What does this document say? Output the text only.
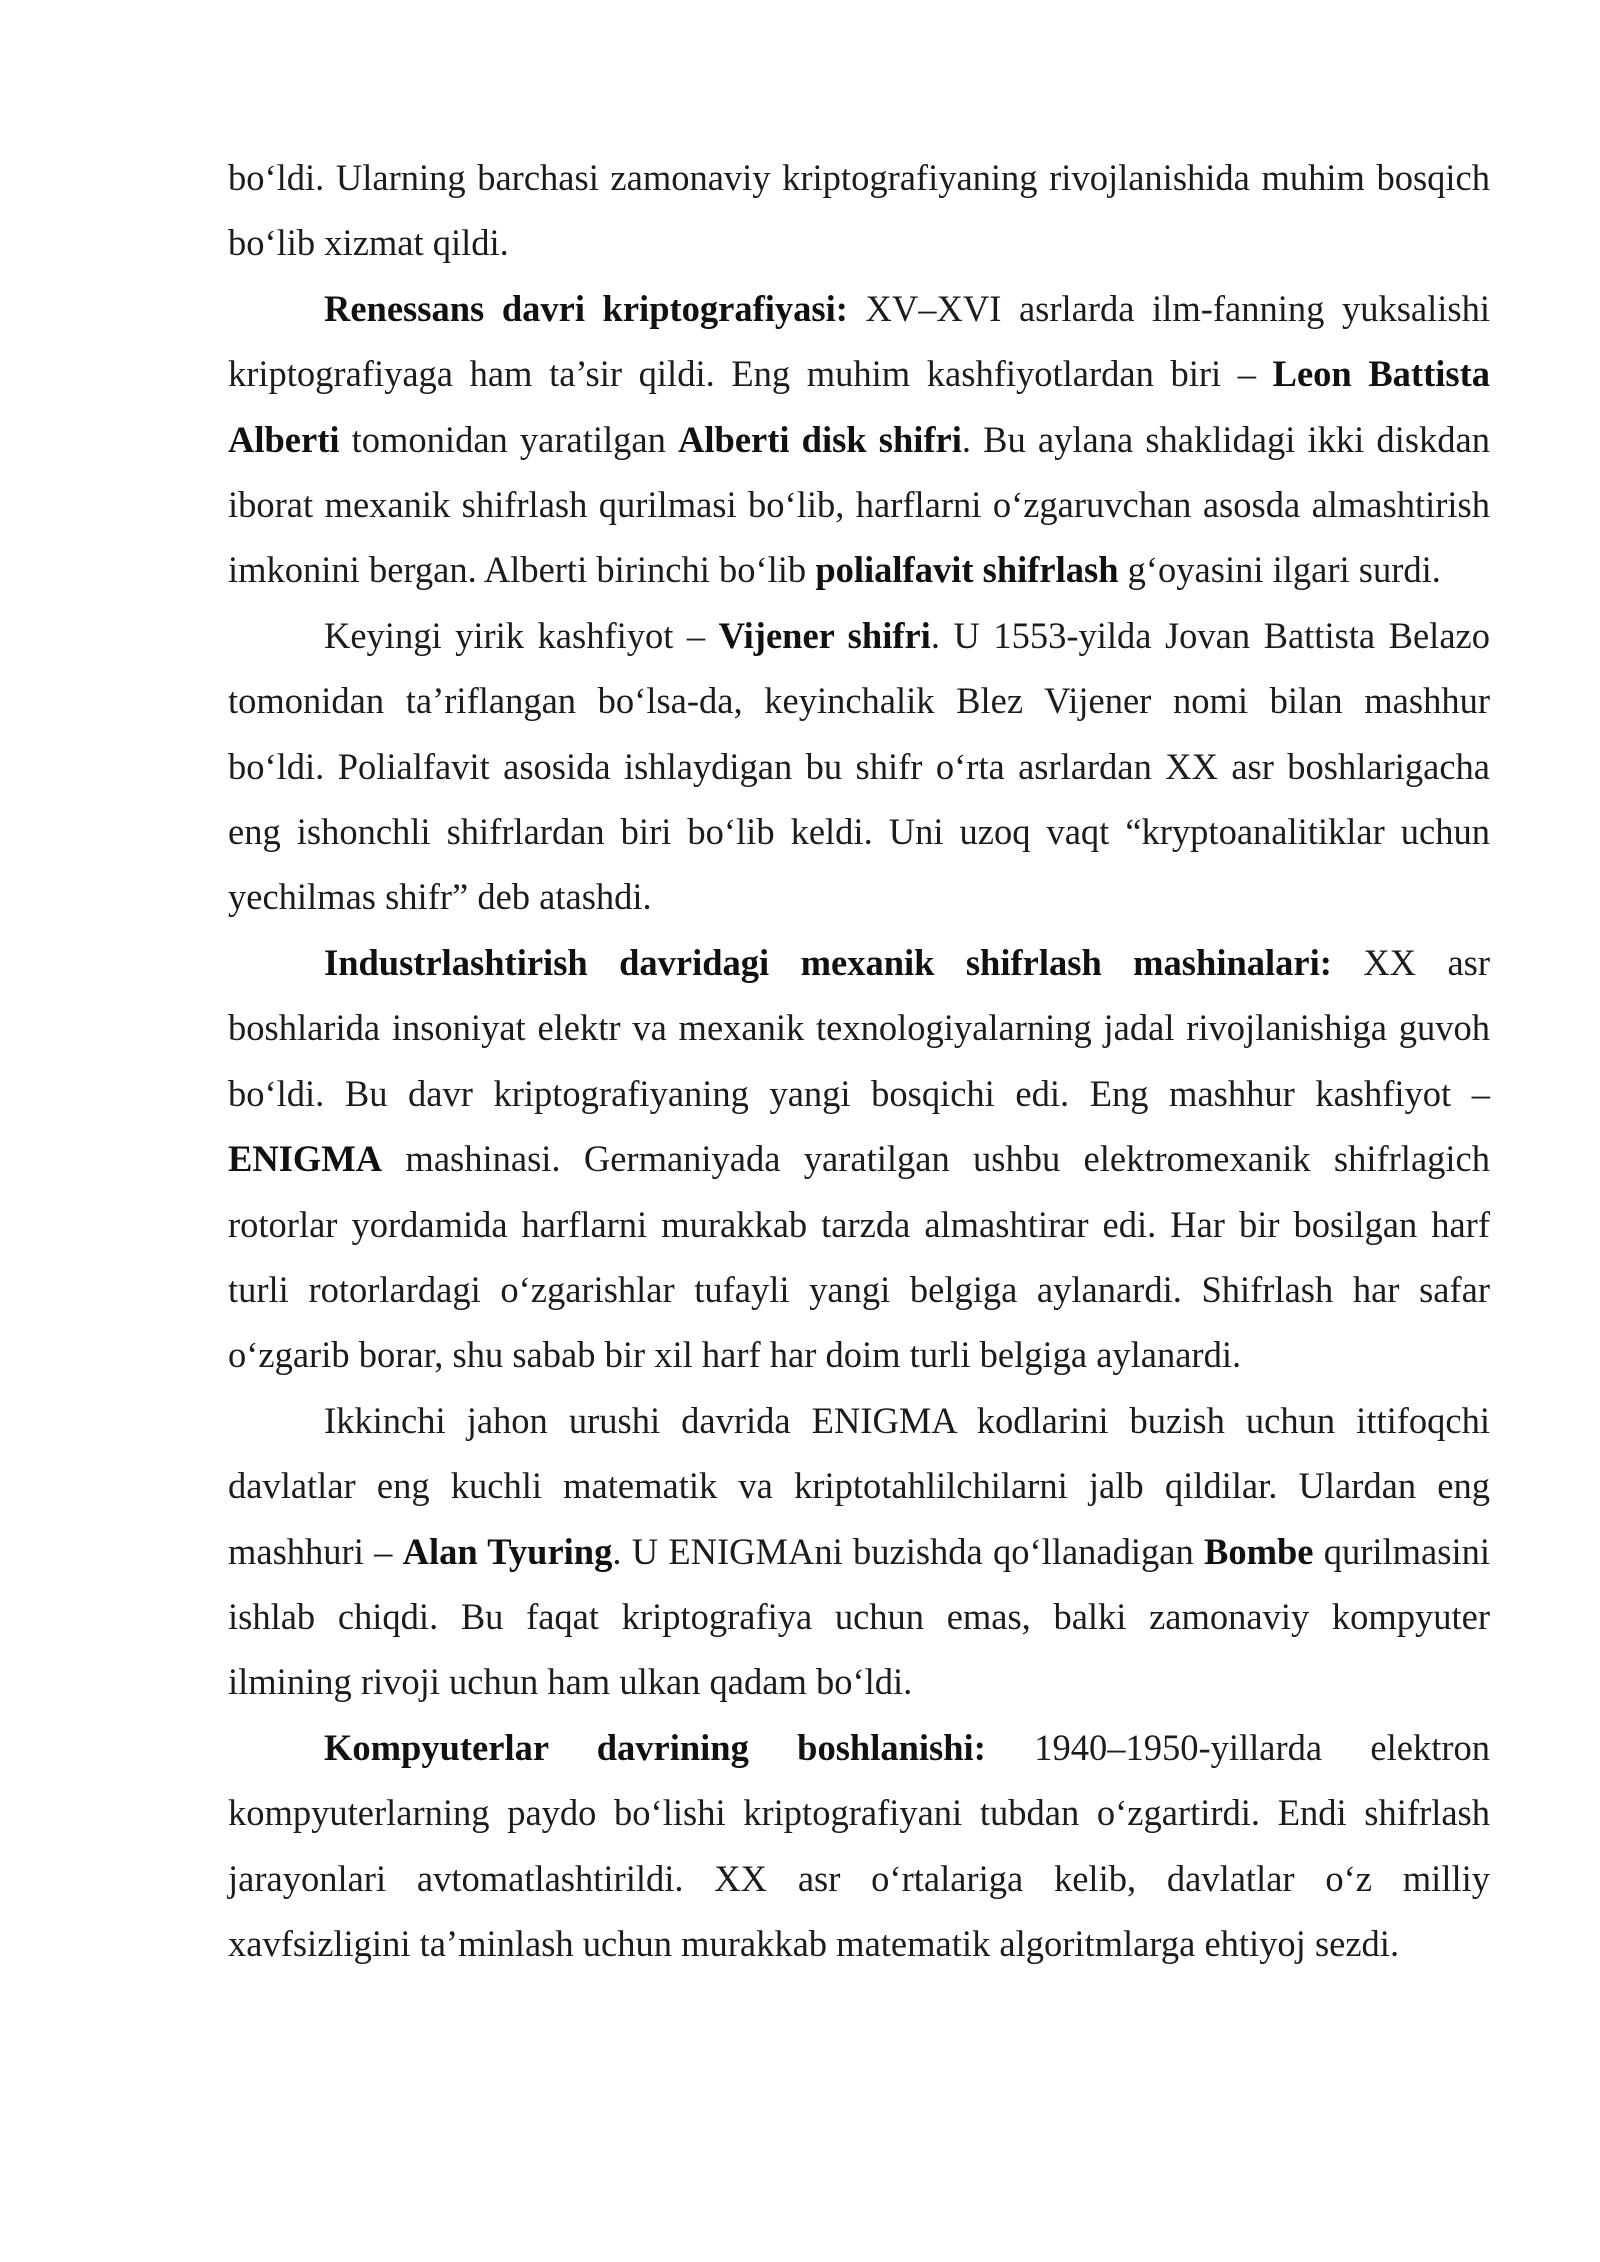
bo‘ldi. Ularning barchasi zamonaviy kriptografiyaning rivojlanishida muhim bosqich bo‘lib xizmat qildi.

Renessans davri kriptografiyasi: XV–XVI asrlarda ilm-fanning yuksalishi kriptografiyaga ham ta’sir qildi. Eng muhim kashfiyotlardan biri – Leon Battista Alberti tomonidan yaratilgan Alberti disk shifri. Bu aylana shaklidagi ikki diskdan iborat mexanik shifrlash qurilmasi bo‘lib, harflarni o‘zgaruvchan asosda almashtirish imkonini bergan. Alberti birinchi bo‘lib polialfavit shifrlash g‘oyasini ilgari surdi.

Keyingi yirik kashfiyot – Vijener shifri. U 1553-yilda Jovan Battista Belazo tomonidan ta’riflangan bo‘lsa-da, keyinchalik Blez Vijener nomi bilan mashhur bo‘ldi. Polialfavit asosida ishlaydigan bu shifr o‘rta asrlardan XX asr boshlarigacha eng ishonchli shifrlardan biri bo‘lib keldi. Uni uzoq vaqt “kryptoanalitiklar uchun yechilmas shifr” deb atashdi.

Industrlashtirish davridagi mexanik shifrlash mashinalari: XX asr boshlarida insoniyat elektr va mexanik texnologiyalarning jadal rivojlanishiga guvoh bo‘ldi. Bu davr kriptografiyaning yangi bosqichi edi. Eng mashhur kashfiyot – ENIGMA mashinasi. Germaniyada yaratilgan ushbu elektromexanik shifrlagich rotorlar yordamida harflarni murakkab tarzda almashtirar edi. Har bir bosilgan harf turli rotorlardagi o‘zgarishlar tufayli yangi belgiga aylanardi. Shifrlash har safar o‘zgarib borar, shu sabab bir xil harf har doim turli belgiga aylanardi.

Ikkinchi jahon urushi davrida ENIGMA kodlarini buzish uchun ittifoqchi davlatlar eng kuchli matematik va kriptotahlilchilarni jalb qildilar. Ulardan eng mashhuri – Alan Tyuring. U ENIGMAni buzishda qo‘llanadigan Bombe qurilmasini ishlab chiqdi. Bu faqat kriptografiya uchun emas, balki zamonaviy kompyuter ilmining rivoji uchun ham ulkan qadam bo‘ldi.

Kompyuterlar davrining boshlanishi: 1940–1950-yillarda elektron kompyuterlarning paydo bo‘lishi kriptografiyani tubdan o‘zgartirdi. Endi shifrlash jarayonlari avtomatlashtirildi. XX asr o‘rtalariga kelib, davlatlar o‘z milliy xavfsizligini ta’minlash uchun murakkab matematik algoritmlarga ehtiyoj sezdi.
